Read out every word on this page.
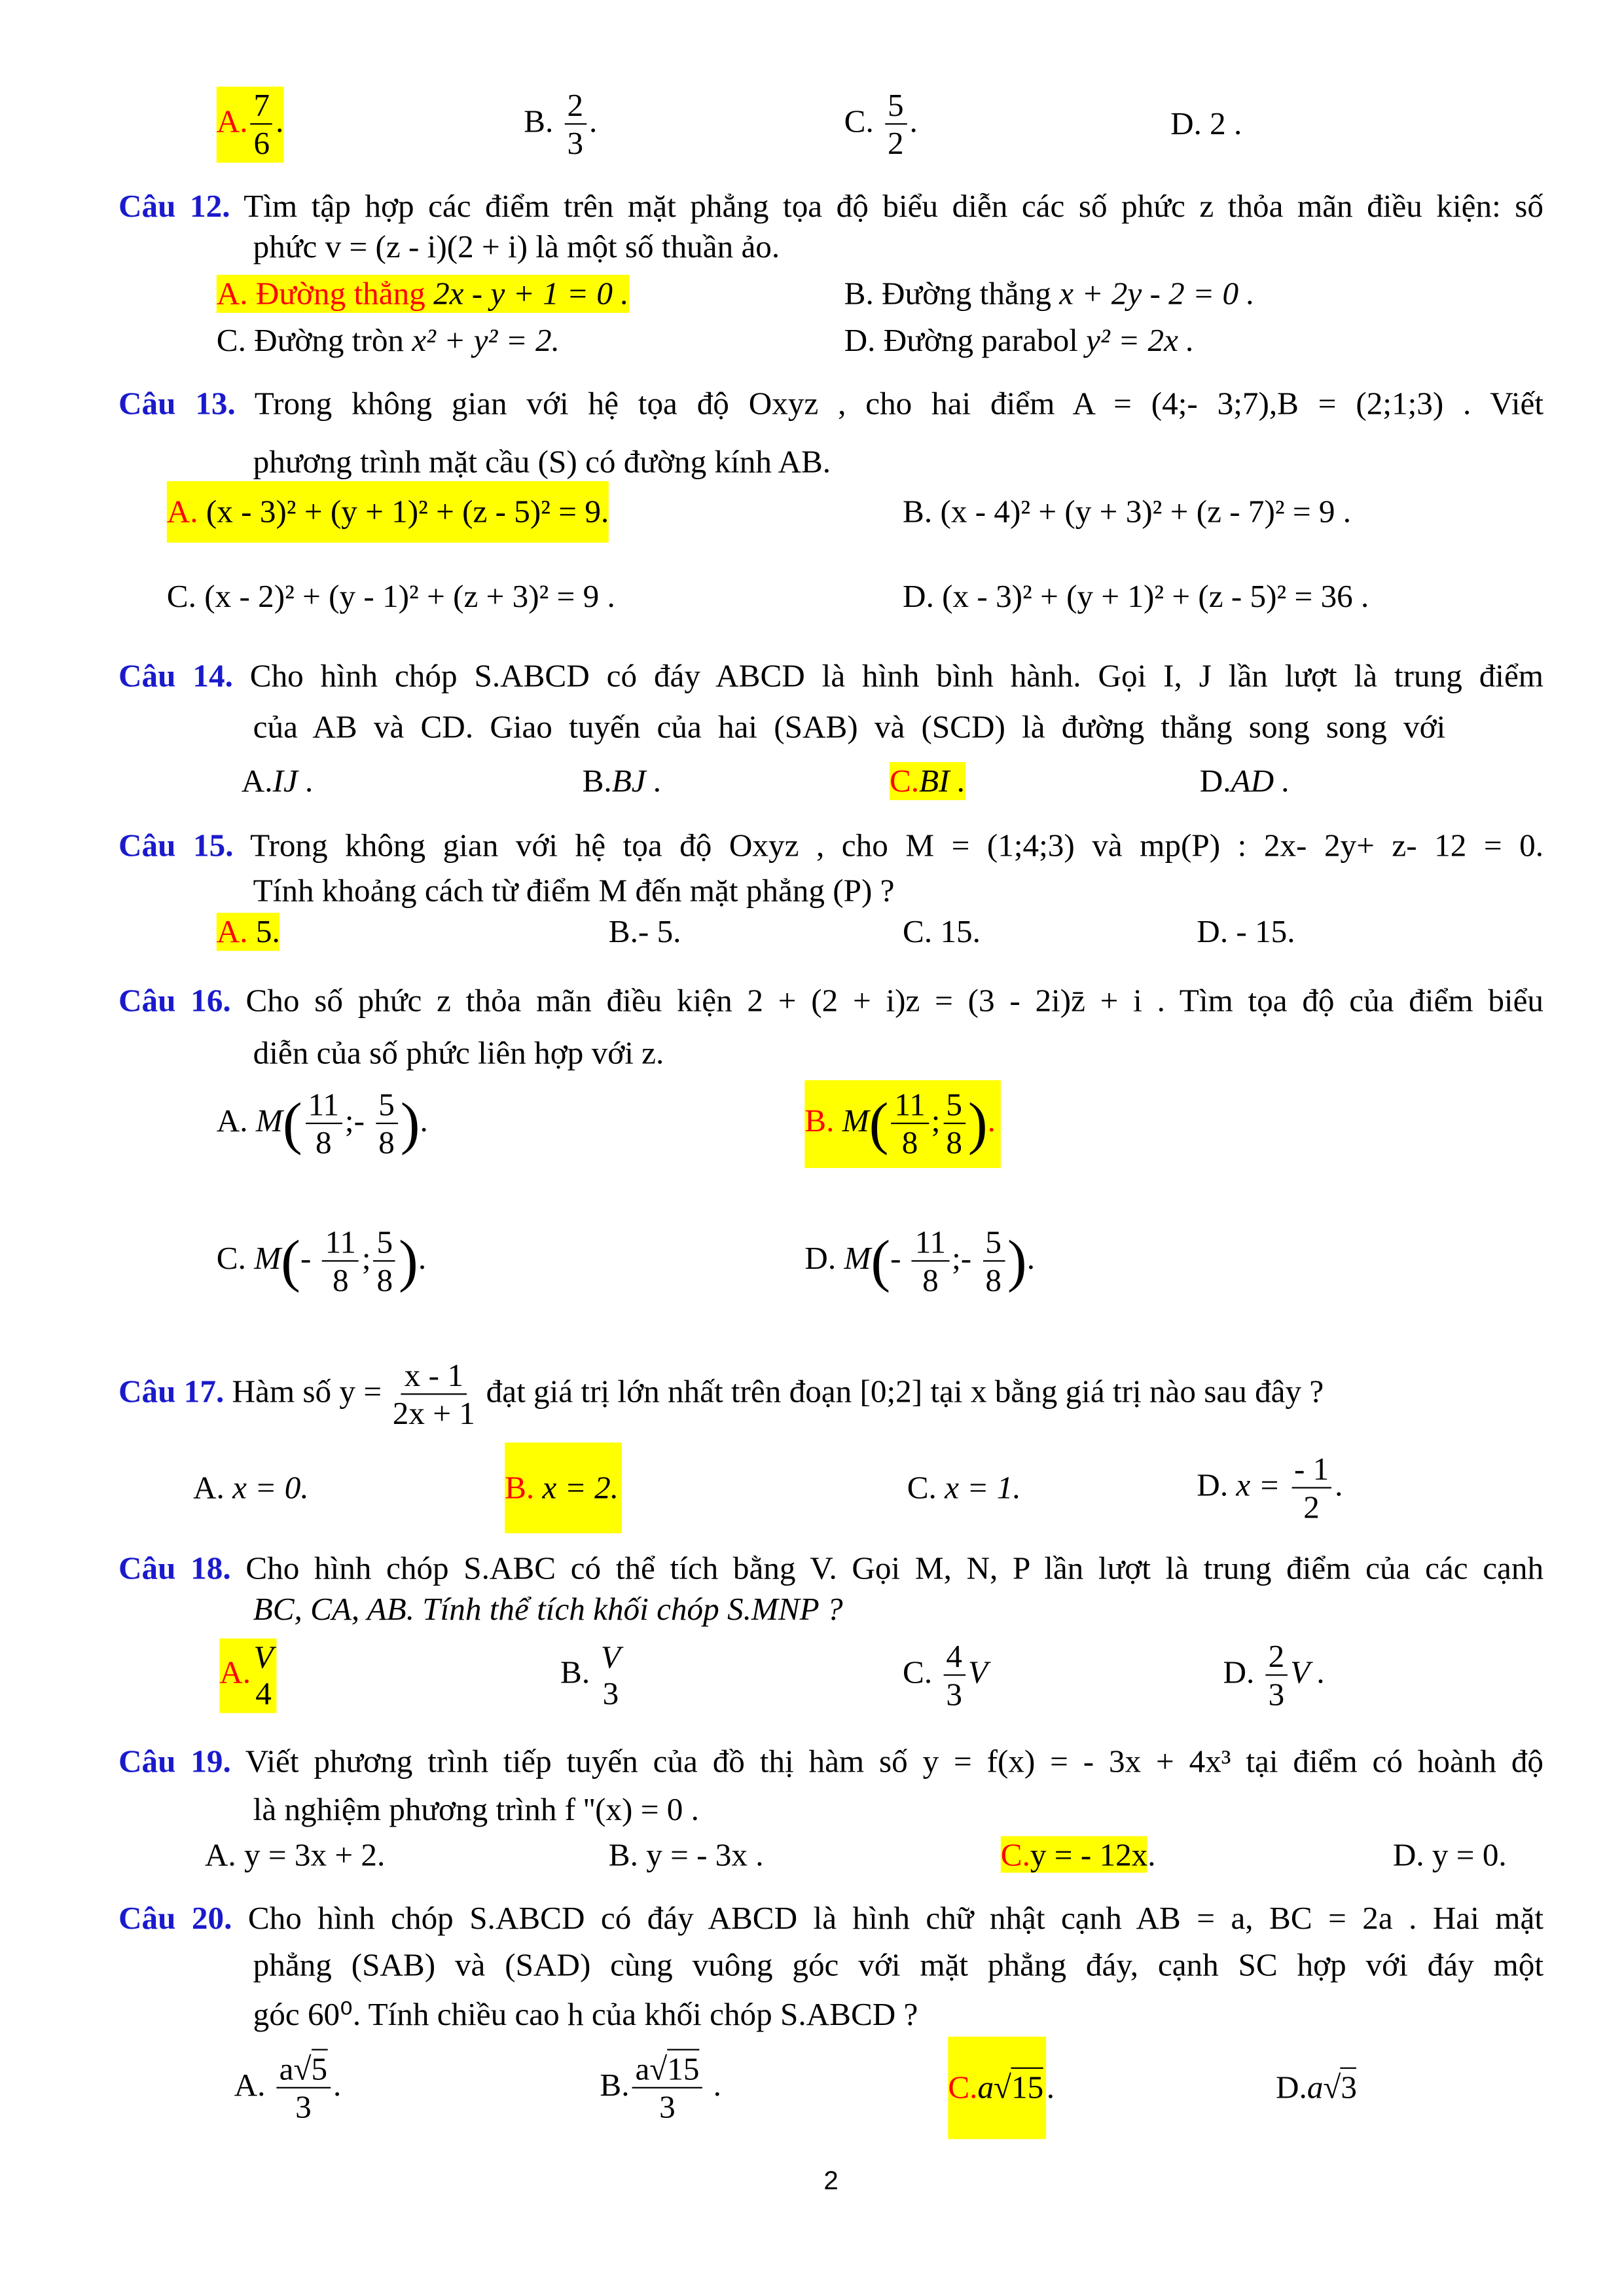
A. $\frac{7}{6}$ .	B. $\frac{2}{3}$ .	C. $\frac{5}{2}$ .	D. 2 .
Câu 12. Tìm tập hợp các điểm trên mặt phẳng tọa độ biểu diễn các số phức z thỏa mãn điều kiện: số
phức v = (z - i)(2 + i) là một số thuần ảo.
A. Đường thẳng 2x - y + 1 = 0 .	B. Đường thẳng x + 2y - 2 = 0 .
C. Đường tròn x² + y² = 2.	D. Đường parabol y² = 2x .
Câu 13. Trong không gian với hệ tọa độ Oxyz , cho hai điểm A = (4;- 3;7),B = (2;1;3) . Viết
phương trình mặt cầu (S) có đường kính AB.
A. (x - 3)² + (y + 1)² + (z - 5)² = 9.	B. (x - 4)² + (y + 3)² + (z - 7)² = 9 .
C. (x - 2)² + (y - 1)² + (z + 3)² = 9 .	D. (x - 3)² + (y + 1)² + (z - 5)² = 36 .
Câu 14. Cho hình chóp S.ABCD có đáy ABCD là hình bình hành. Gọi I, J lần lượt là trung điểm
của AB và CD. Giao tuyến của hai (SAB) và (SCD) là đường thẳng song song với
A.IJ .	B.BJ .	C.BI .	D.AD .
Câu 15. Trong không gian với hệ tọa độ Oxyz , cho M = (1;4;3) và mp(P) : 2x- 2y+ z- 12 = 0.
Tính khoảng cách từ điểm M đến mặt phẳng (P) ?
A. 5.	B.- 5.	C. 15.	D. - 15.
Câu 16. Cho số phức z thỏa mãn điều kiện 2 + (2 + i)z = (3 - 2i)z̄ + i . Tìm tọa độ của điểm biểu
diễn của số phức liên hợp với z.
A. $M( \frac{11}{8}$ ;- $\frac{5}{8}$ ).	B. $M( \frac{11}{8}$ ; $\frac{5}{8}$ ).
C. $M(- \frac{11}{8}$ ; $\frac{5}{8}$ ).	D. $M(- \frac{11}{8}$ ;- $\frac{5}{8}$ ).
Câu 17. Hàm số $y = \frac{x - 1}{2x + 1}$ đạt giá trị lớn nhất trên đoạn [0;2] tại x bằng giá trị nào sau đây ?
A. x = 0.	B. x = 2.	C. x = 1.	D. $x = \frac{- 1}{2}$ .
Câu 18. Cho hình chóp S.ABC có thể tích bằng V. Gọi M, N, P lần lượt là trung điểm của các cạnh
BC, CA, AB. Tính thể tích khối chóp S.MNP ?
A. V
4
B. V
3
C. $\frac{4}{3}$ V	D. $\frac{2}{3}$ V .
Câu 19. Viết phương trình tiếp tuyến của đồ thị hàm số y = f(x) = - 3x + 4x³ tại điểm có hoành độ
là nghiệm phương trình f ''(x) = 0 .
A. y = 3x + 2.	B. y = - 3x .	C.y = - 12x.	D. y = 0.
Câu 20. Cho hình chóp S.ABCD có đáy ABCD là hình chữ nhật cạnh AB = a, BC = 2a . Hai mặt
phẳng (SAB) và (SAD) cùng vuông góc với mặt phẳng đáy, cạnh SC hợp với đáy một
góc 60⁰. Tính chiều cao h của khối chóp S.ABCD ?
A. $\frac{a√5}{3}$ .	B. $\frac{a√15}{3}$ .	C.a√15 .	D.a√3
2
